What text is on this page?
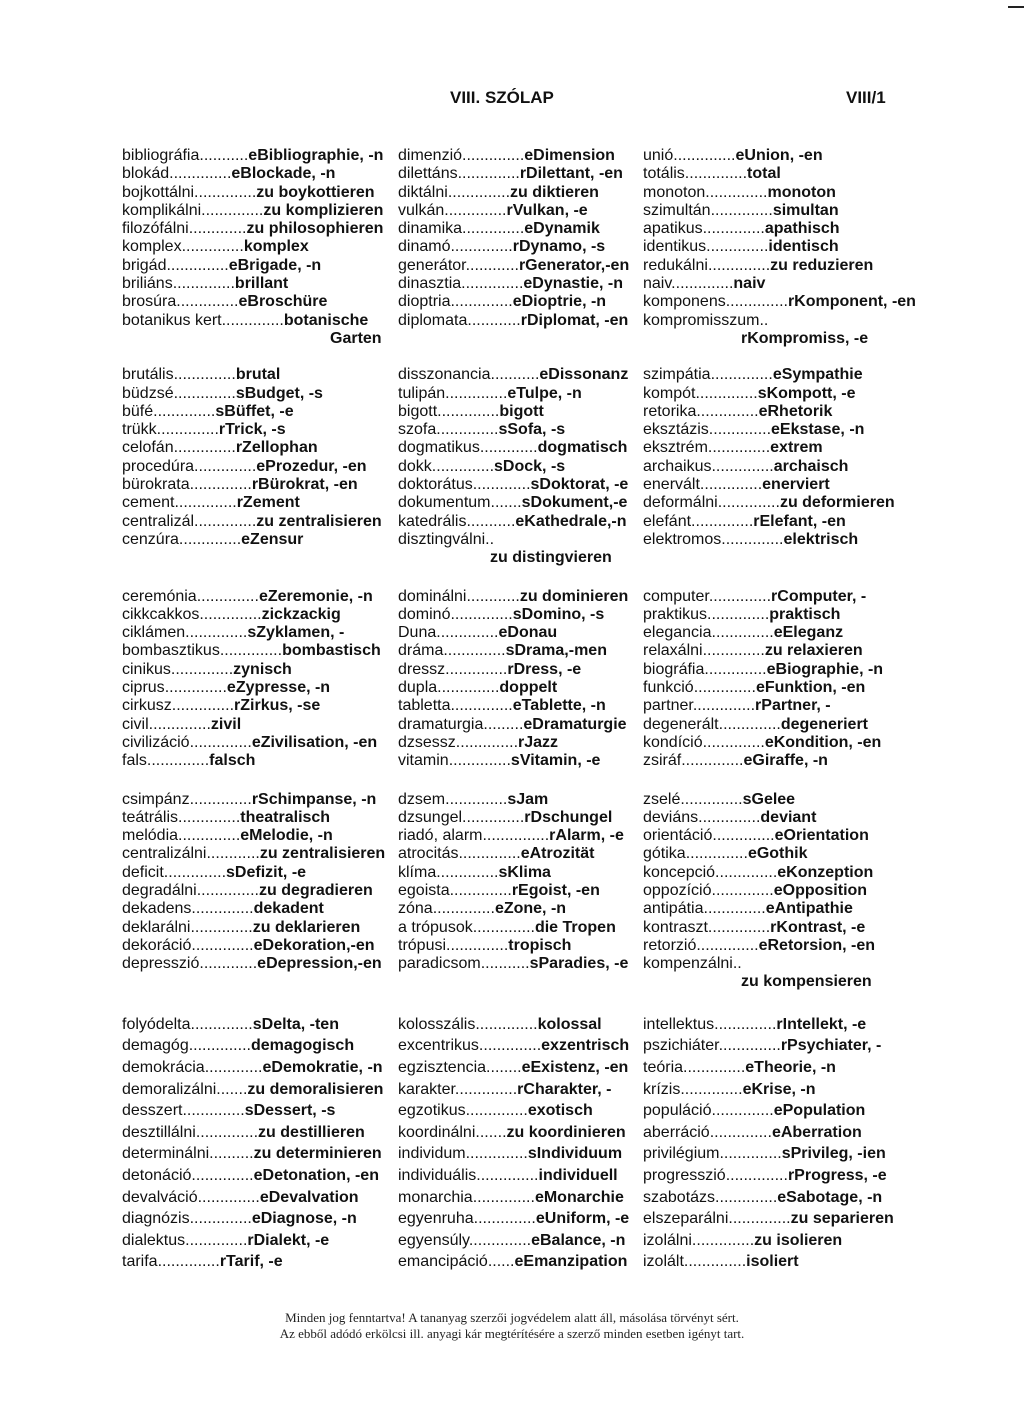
VIII. SZÓLAP	VIII/1
bibliográfia...........eBibliographie, -n
blokád..............eBlockade, -n
bojkottálni..............zu boykottieren
komplikálni..............zu komplizieren
filozófálni.............zu philosophieren
komplex..............komplex
brigád..............eBrigade, -n
briliáns..............brillant
brosúra..............eBroschüre
botanikus kert..............botanische
Garten
dimenzió..............eDimension
dilettáns..............rDilettant, -en
diktálni..............zu diktieren
vulkán..............rVulkan, -e
dinamika..............eDynamik
dinamó..............rDynamo, -s
generátor............rGenerator,-en
dinasztia..............eDynastie, -n
dioptria..............eDioptrie, -n
diplomata............rDiplomat, -en
unió..............eUnion, -en
totális..............total
monoton..............monoton
szimultán..............simultan
apatikus..............apathisch
identikus..............identisch
redukálni..............zu reduzieren
naiv..............naiv
komponens..............rKomponent, -en
kompromisszum..
rKompromiss, -e
brutális..............brutal
büdzsé..............sBudget, -s
büfé..............sBüffet, -e
trükk..............rTrick, -s
celofán..............rZellophan
procedúra..............eProzedur, -en
bürokrata..............rBürokrat, -en
cement..............rZement
centralizál..............zu zentralisieren
cenzúra..............eZensur
disszonancia...........eDissonanz
tulipán..............eTulpe, -n
bigott..............bigott
szofa..............sSofa, -s
dogmatikus.............dogmatisch
dokk..............sDock, -s
doktorátus.............sDoktorat, -e
dokumentum.......sDokument,-e
katedrális...........eKathedrale,-n
disztingválni..
zu distingvieren
szimpátia..............eSympathie
kompót..............sKompott, -e
retorika..............eRhetorik
eksztázis..............eEkstase, -n
eksztrém..............extrem
archaikus..............archaisch
enervált..............enerviert
deformálni..............zu deformieren
elefánt..............rElefant, -en
elektromos..............elektrisch
ceremónia..............eZeremonie, -n
cikkcakkos..............zickzackig
ciklámen..............sZyklamen, -
bombasztikus..............bombastisch
cinikus..............zynisch
ciprus..............eZypresse, -n
cirkusz..............rZirkus, -se
civil..............zivil
civilizáció..............eZivilisation, -en
fals..............falsch
dominálni............zu dominieren
dominó..............sDomino, -s
Duna..............eDonau
dráma..............sDrama,-men
dressz..............rDress, -e
dupla..............doppelt
tabletta..............eTablette, -n
dramaturgia.........eDramaturgie
dzsessz..............rJazz
vitamin..............sVitamin, -e
computer..............rComputer, -
praktikus..............praktisch
elegancia..............eEleganz
relaxálni..............zu relaxieren
biográfia..............eBiographie, -n
funkció..............eFunktion, -en
partner..............rPartner, -
degenerált..............degeneriert
kondíció..............eKondition, -en
zsiráf..............eGiraffe, -n
csimpánz..............rSchimpanse, -n
teátrális..............theatralisch
melódia..............eMelodie, -n
centralizálni............zu zentralisieren
deficit..............sDefizit, -e
degradálni..............zu degradieren
dekadens..............dekadent
deklarálni..............zu deklarieren
dekoráció..............eDekoration,-en
depresszió.............eDepression,-en
dzsem..............sJam
dzsungel..............rDschungel
riadó, alarm...............rAlarm, -e
atrocitás..............eAtrozität
klíma..............sKlima
egoista..............rEgoist, -en
zóna..............eZone, -n
a trópusok..............die Tropen
trópusi..............tropisch
paradicsom...........sParadies, -e
zselé..............sGelee
deviáns..............deviant
orientáció..............eOrientation
gótika..............eGothik
koncepció..............eKonzeption
oppozíció..............eOpposition
antipátia..............eAntipathie
kontraszt..............rKontrast, -e
retorzió..............eRetorsion, -en
kompenzálni..
zu kompensieren
folyódelta..............sDelta, -ten
demagóg..............demagogisch
demokrácia.............eDemokratie, -n
demoralizálni.......zu demoralisieren
desszert..............sDessert, -s
desztillálni..............zu destillieren
determinálni..........zu determinieren
detonáció..............eDetonation, -en
devalváció..............eDevalvation
diagnózis..............eDiagnose, -n
dialektus..............rDialekt, -e
tarifa..............rTarif, -e
kolosszális..............kolossal
excentrikus..............exzentrisch
egzisztencia........eExistenz, -en
karakter..............rCharakter, -
egzotikus..............exotisch
koordinálni.......zu koordinieren
individum..............sIndividuum
individuális..............individuell
monarchia..............eMonarchie
egyenruha..............eUniform, -e
egyensúly..............eBalance, -n
emancipáció......eEmanzipation
intellektus..............rIntellekt, -e
pszichiáter..............rPsychiater, -
teória..............eTheorie, -n
krízis..............eKrise, -n
populáció..............ePopulation
aberráció..............eAberration
privilégium..............sPrivileg, -ien
progresszió..............rProgress, -e
szabotázs..............eSabotage, -n
elszeparálni..............zu separieren
izolálni..............zu isolieren
izolált..............isoliert
Minden jog fenntartva! A tananyag szerzői jogvédelem alatt áll, másolása törvényt sért.
Az ebből adódó erkölcsi ill. anyagi kár megtérítésére a szerző minden esetben igényt tart.
